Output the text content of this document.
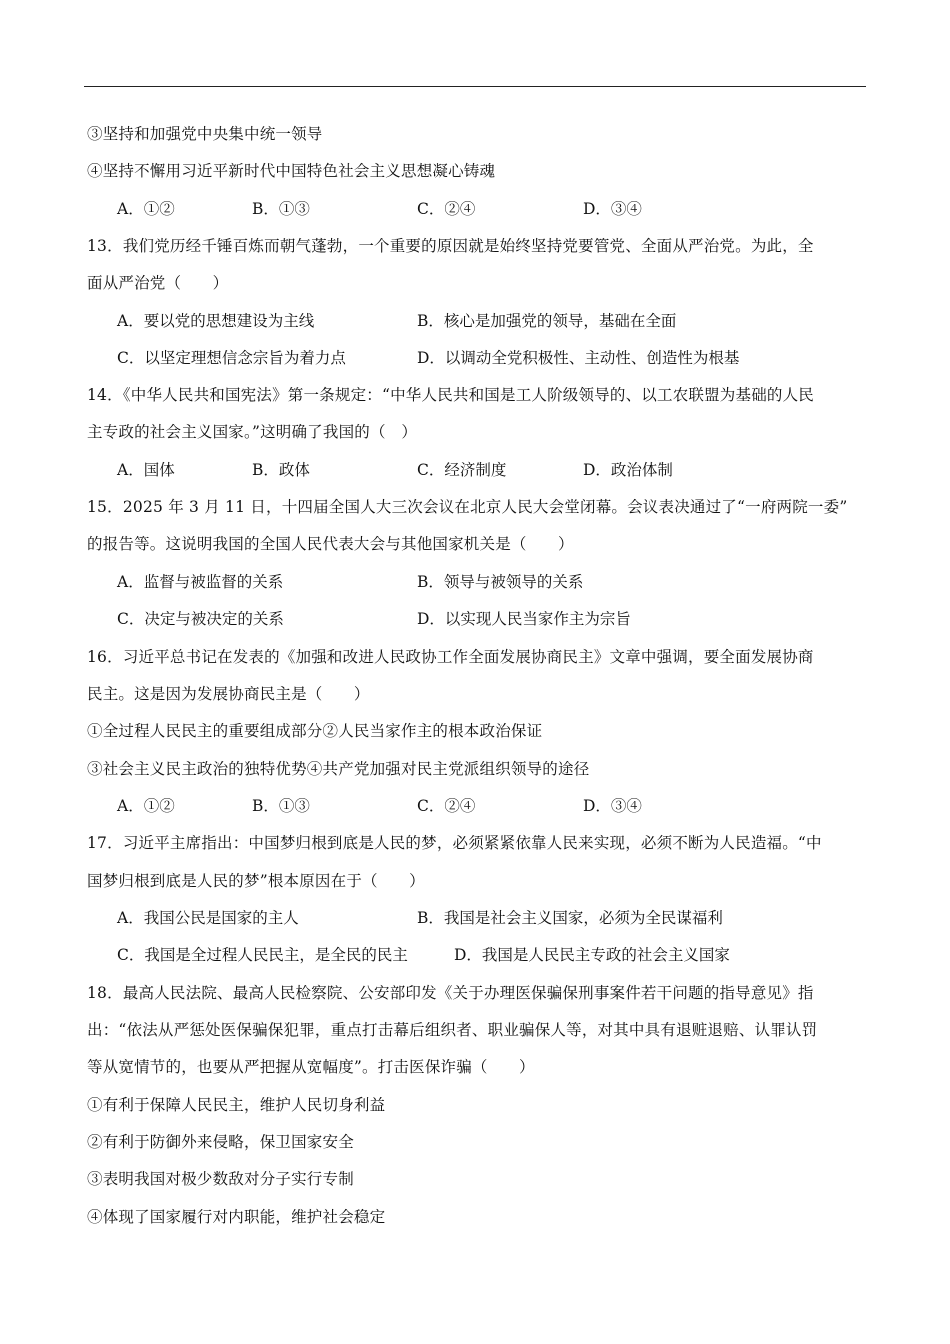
③坚持和加强党中央集中统一领导
④坚持不懈用习近平新时代中国特色社会主义思想凝心铸魂
A．①②	B．①③	C．②④	D．③④
13．我们党历经千锤百炼而朝气蓬勃，一个重要的原因就是始终坚持党要管党、全面从严治党。为此，全
面从严治党（　　）
A．要以党的思想建设为主线	B．核心是加强党的领导，基础在全面
C．以坚定理想信念宗旨为着力点	D．以调动全党积极性、主动性、创造性为根基
14．《中华人民共和国宪法》第一条规定：“中华人民共和国是工人阶级领导的、以工农联盟为基础的人民
主专政的社会主义国家。”这明确了我国的（　）
A．国体	B．政体	C．经济制度	D．政治体制
15．2025 年 3 月 11 日，十四届全国人大三次会议在北京人民大会堂闭幕。会议表决通过了“一府两院一委”
的报告等。这说明我国的全国人民代表大会与其他国家机关是（　　）
A．监督与被监督的关系	B．领导与被领导的关系
C．决定与被决定的关系	D．以实现人民当家作主为宗旨
16．习近平总书记在发表的《加强和改进人民政协工作全面发展协商民主》文章中强调，要全面发展协商
民主。这是因为发展协商民主是（　　）
①全过程人民民主的重要组成部分②人民当家作主的根本政治保证
③社会主义民主政治的独特优势④共产党加强对民主党派组织领导的途径
A．①②	B．①③	C．②④	D．③④
17．习近平主席指出：中国梦归根到底是人民的梦，必须紧紧依靠人民来实现，必须不断为人民造福。“中
国梦归根到底是人民的梦”根本原因在于（　　）
A．我国公民是国家的主人	B．我国是社会主义国家，必须为全民谋福利
C．我国是全过程人民民主，是全民的民主	D．我国是人民民主专政的社会主义国家
18．最高人民法院、最高人民检察院、公安部印发《关于办理医保骗保刑事案件若干问题的指导意见》指
出：“依法从严惩处医保骗保犯罪，重点打击幕后组织者、职业骗保人等，对其中具有退赃退赔、认罪认罚
等从宽情节的，也要从严把握从宽幅度”。打击医保诈骗（　　）
①有利于保障人民民主，维护人民切身利益
②有利于防御外来侵略，保卫国家安全
③表明我国对极少数敌对分子实行专制
④体现了国家履行对内职能，维护社会稳定
